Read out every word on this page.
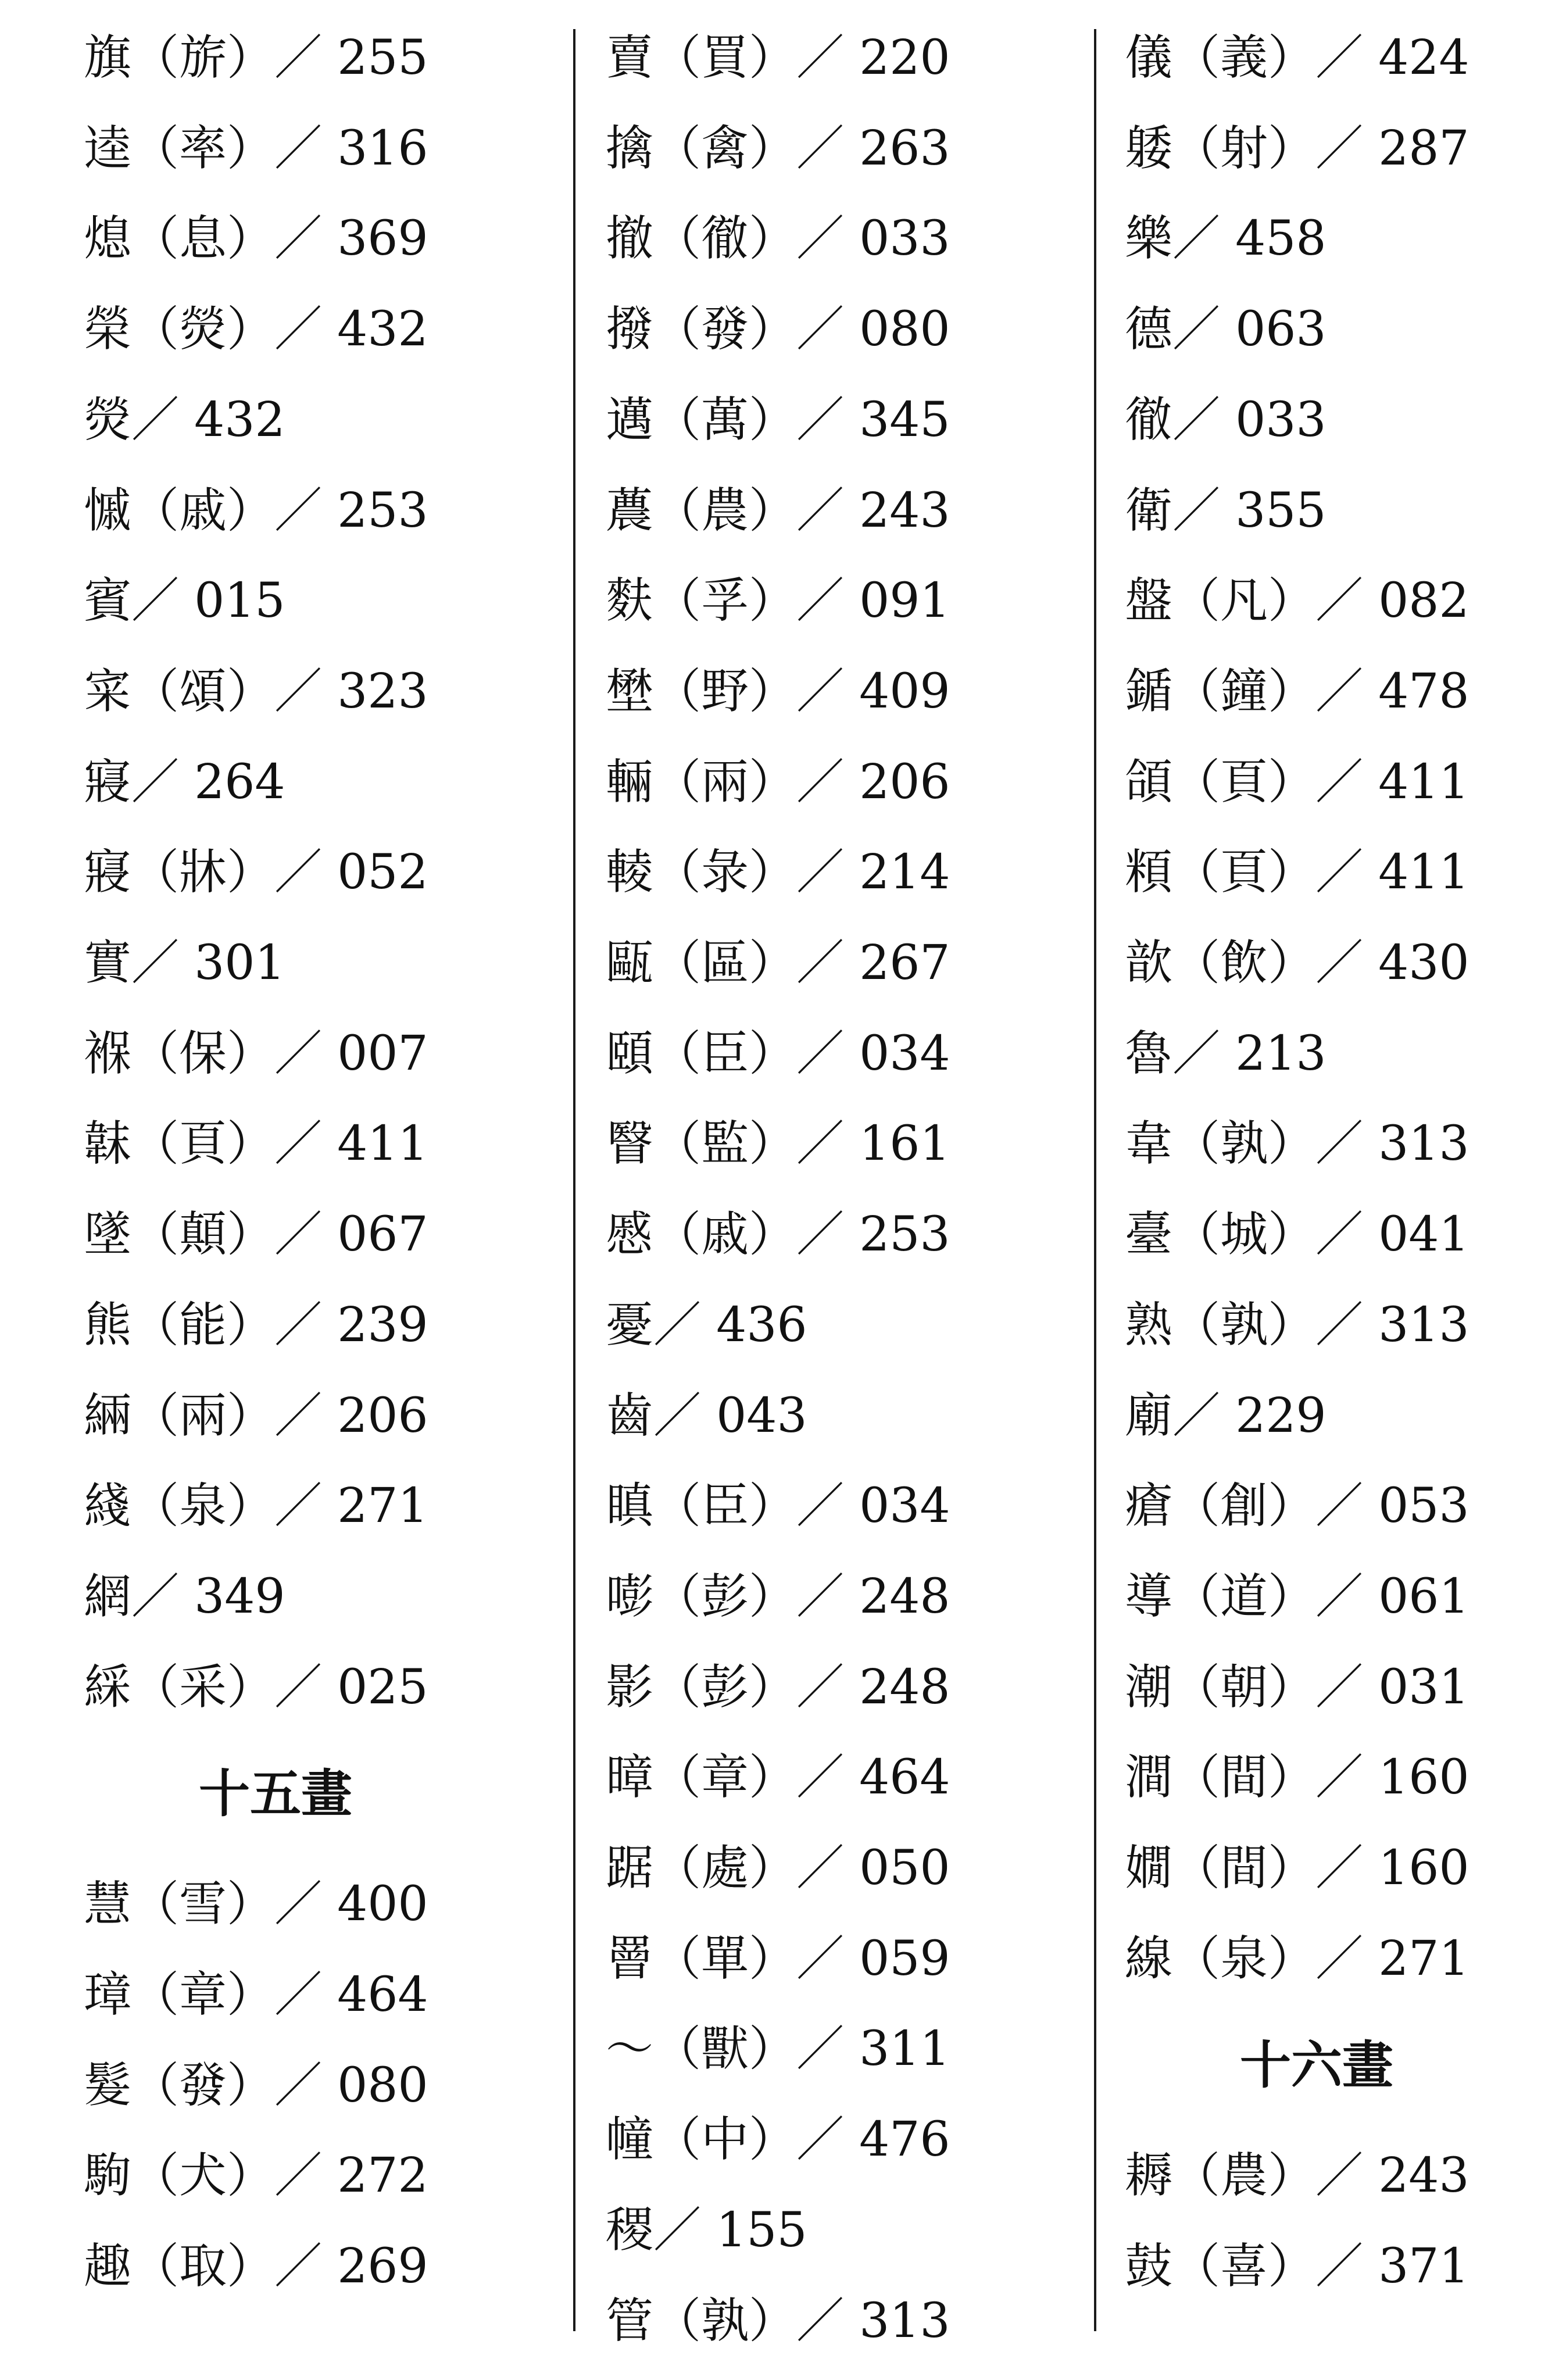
旗（旂）／ 255
逵（率）／ 316
熄（息）／ 369
榮（熒）／ 432
熒／ 432
慽（戚）／ 253
賓／ 015
寀（頌）／ 323
寢／ 264
寢（牀）／ 052
實／ 301
褓（保）／ 007
韎（頁）／ 411
墜（顛）／ 067
熊（能）／ 239
緉（兩）／ 206
綫（泉）／ 271
網／ 349
綵（采）／ 025
十五畫
慧（雪）／ 400
璋（章）／ 464
髮（發）／ 080
駒（犬）／ 272
趣（取）／ 269
賣（買）／ 220
擒（禽）／ 263
撤（徹）／ 033
撥（發）／ 080
邁（萬）／ 345
蕽（農）／ 243
麩（孚）／ 091
壄（野）／ 409
輛（兩）／ 206
輘（彔）／ 214
甌（區）／ 267
頤（臣）／ 034
瞖（監）／ 161
慼（戚）／ 253
憂／ 436
齒／ 043
瞋（臣）／ 034
嘭（彭）／ 248
影（彭）／ 248
暲（章）／ 464
踞（處）／ 050
罾（單）／ 059
～（獸）／ 311
幢（中）／ 476
稷／ 155
管（孰）／ 313
儀（義）／ 424
躷（射）／ 287
樂／ 458
德／ 063
徹／ 033
衛／ 355
盤（凡）／ 082
鍎（鐘）／ 478
頜（頁）／ 411
頪（頁）／ 411
歆（飲）／ 430
魯／ 213
韋（孰）／ 313
臺（城）／ 041
熟（孰）／ 313
廟／ 229
瘡（創）／ 053
導（道）／ 061
潮（朝）／ 031
澗（間）／ 160
嫺（間）／ 160
線（泉）／ 271
十六畫
耨（農）／ 243
鼓（喜）／ 371
